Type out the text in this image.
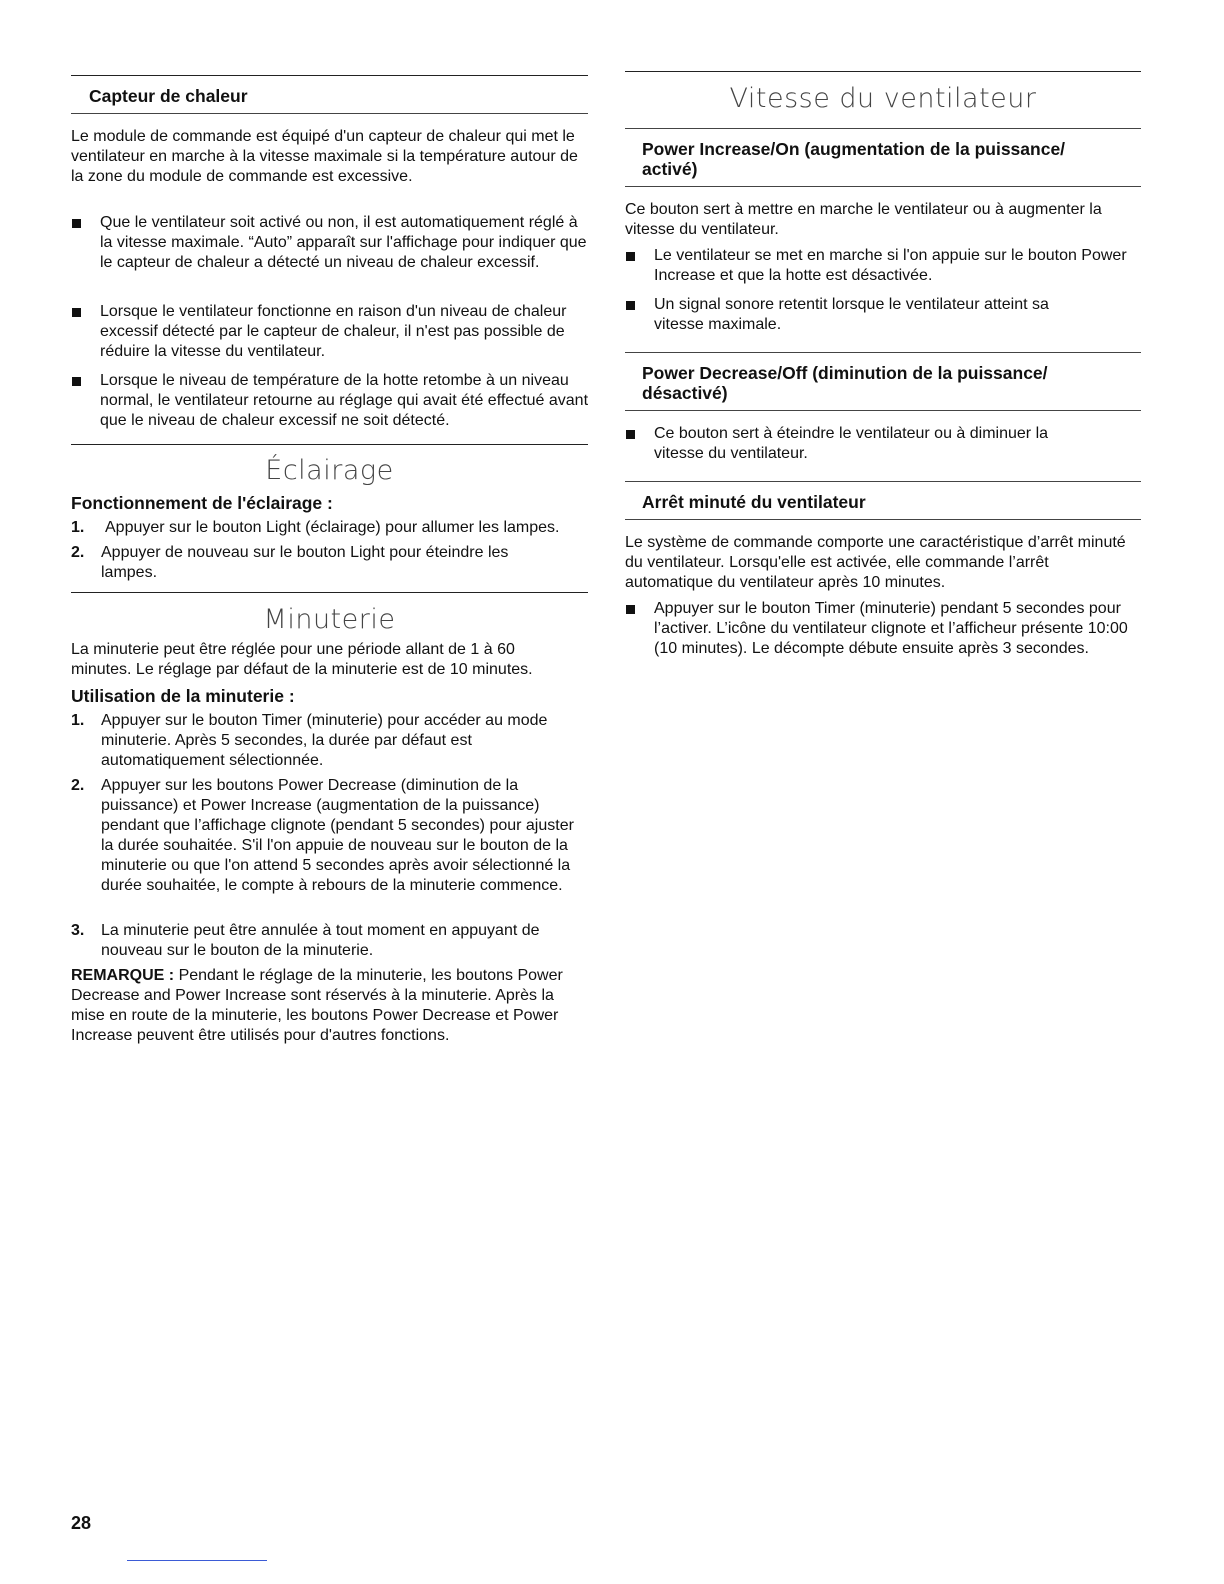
Capteur de chaleur
Le module de commande est équipé d'un capteur de chaleur qui met le ventilateur en marche à la vitesse maximale si la température autour de la zone du module de commande est excessive.
Que le ventilateur soit activé ou non, il est automatiquement réglé à la vitesse maximale. “Auto” apparaît sur l'affichage pour indiquer que le capteur de chaleur a détecté un niveau de chaleur excessif.
Lorsque le ventilateur fonctionne en raison d'un niveau de chaleur excessif détecté par le capteur de chaleur, il n'est pas possible de réduire la vitesse du ventilateur.
Lorsque le niveau de température de la hotte retombe à un niveau normal, le ventilateur retourne au réglage qui avait été effectué avant que le niveau de chaleur excessif ne soit détecté.
Éclairage
Fonctionnement de l'éclairage :
1. Appuyer sur le bouton Light (éclairage) pour allumer les lampes.
2. Appuyer de nouveau sur le bouton Light pour éteindre les lampes.
Minuterie
La minuterie peut être réglée pour une période allant de 1 à 60 minutes. Le réglage par défaut de la minuterie est de 10 minutes.
Utilisation de la minuterie :
1. Appuyer sur le bouton Timer (minuterie) pour accéder au mode minuterie. Après 5 secondes, la durée par défaut est automatiquement sélectionnée.
2. Appuyer sur les boutons Power Decrease (diminution de la puissance) et Power Increase (augmentation de la puissance) pendant que l’affichage clignote (pendant 5 secondes) pour ajuster la durée souhaitée. S'il l'on appuie de nouveau sur le bouton de la minuterie ou que l'on attend 5 secondes après avoir sélectionné la durée souhaitée, le compte à rebours de la minuterie commence.
3. La minuterie peut être annulée à tout moment en appuyant de nouveau sur le bouton de la minuterie.
REMARQUE : Pendant le réglage de la minuterie, les boutons Power Decrease and Power Increase sont réservés à la minuterie. Après la mise en route de la minuterie, les boutons Power Decrease et Power Increase peuvent être utilisés pour d'autres fonctions.
Vitesse du ventilateur
Power Increase/On (augmentation de la puissance/
activé)
Ce bouton sert à mettre en marche le ventilateur ou à augmenter la vitesse du ventilateur.
Le ventilateur se met en marche si l'on appuie sur le bouton Power Increase et que la hotte est désactivée.
Un signal sonore retentit lorsque le ventilateur atteint sa vitesse maximale.
Power Decrease/Off (diminution de la puissance/
désactivé)
Ce bouton sert à éteindre le ventilateur ou à diminuer la vitesse du ventilateur.
Arrêt minuté du ventilateur
Le système de commande comporte une caractéristique d’arrêt minuté du ventilateur. Lorsqu'elle est activée, elle commande l’arrêt automatique du ventilateur après 10 minutes.
Appuyer sur le bouton Timer (minuterie) pendant 5 secondes pour l’activer. L’icône du ventilateur clignote et l’afficheur présente 10:00 (10 minutes). Le décompte débute ensuite après 3 secondes.
28
